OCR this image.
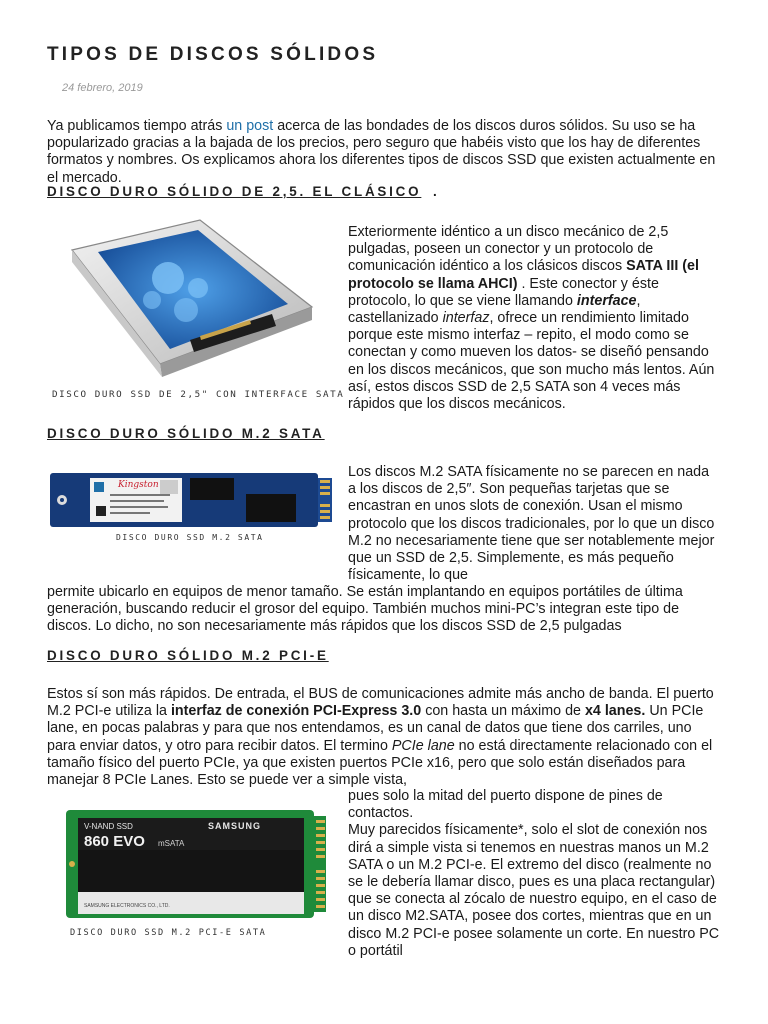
TIPOS DE DISCOS SÓLIDOS
24 febrero, 2019

Ya publicamos tiempo atrás un post acerca de las bondades de los discos duros sólidos. Su uso se ha popularizado gracias a la bajada de los precios, pero seguro que habéis visto que los hay de diferentes formatos y nombres. Os explicamos ahora los diferentes tipos de discos SSD que existen actualmente en el mercado.

DISCO DURO SÓLIDO DE 2,5. EL CLÁSICO .
DISCO DURO SSD DE 2,5" CON INTERFACE SATA

Exteriormente idéntico a un disco mecánico de 2,5 pulgadas, poseen un conector y un protocolo de comunicación idéntico a los clásicos discos SATA III (el protocolo se llama AHCI) . Este conector y éste protocolo, lo que se viene llamando interface, castellanizado interfaz, ofrece un rendimiento limitado porque este mismo interfaz – repito, el modo como se conectan y como mueven los datos- se diseñó pensando en los discos mecánicos, que son mucho más lentos. Aún así, estos discos SSD de 2,5 SATA son 4 veces más rápidos que los discos mecánicos.

DISCO DURO SÓLIDO M.2 SATA
Kingston
DISCO DURO SSD M.2 SATA

Los discos M.2 SATA físicamente no se parecen en nada a los discos de 2,5″. Son pequeñas tarjetas que se encastran en unos slots de conexión. Usan el mismo protocolo que los discos tradicionales, por lo que un disco M.2 no necesariamente tiene que ser notablemente mejor que un SSD de 2,5. Simplemente, es más pequeño físicamente, lo que

permite ubicarlo en equipos de menor tamaño. Se están implantando en equipos portátiles de última generación, buscando reducir el grosor del equipo. También muchos mini-PC’s integran este tipo de discos. Lo dicho, no son necesariamente más rápidos que los discos SSD de 2,5 pulgadas

DISCO DURO SÓLIDO M.2 PCI-E

Estos sí son más rápidos. De entrada, el BUS de comunicaciones admite más ancho de banda. El puerto M.2 PCI-e utiliza la interfaz de conexión PCI-Express 3.0 con hasta un máximo de x4 lanes. Un PCIe lane, en pocas palabras y para que nos entendamos, es un canal de datos que tiene dos carriles, uno para enviar datos, y otro para recibir datos. El termino PCIe lane no está directamente relacionado con el tamaño físico del puerto PCIe, ya que existen puertos PCIe x16, pero que solo están diseñados para manejar 8 PCIe Lanes. Esto se puede ver a simple vista,

V-NAND SSD	SAMSUNG
860 EVO mSATA
SAMSUNG ELECTRONICS CO., LTD.
DISCO DURO SSD M.2 PCI-E SATA

pues solo la mitad del puerto dispone de pines de contactos.
Muy parecidos físicamente*, solo el slot de conexión nos dirá a simple vista si tenemos en nuestras manos un M.2 SATA o un M.2 PCI-e. El extremo del disco (realmente no se le debería llamar disco, pues es una placa rectangular) que se conecta al zócalo de nuestro equipo, en el caso de un disco M2.SATA, posee dos cortes, mientras que en un disco M.2 PCI-e posee solamente un corte. En nuestro PC o portátil
